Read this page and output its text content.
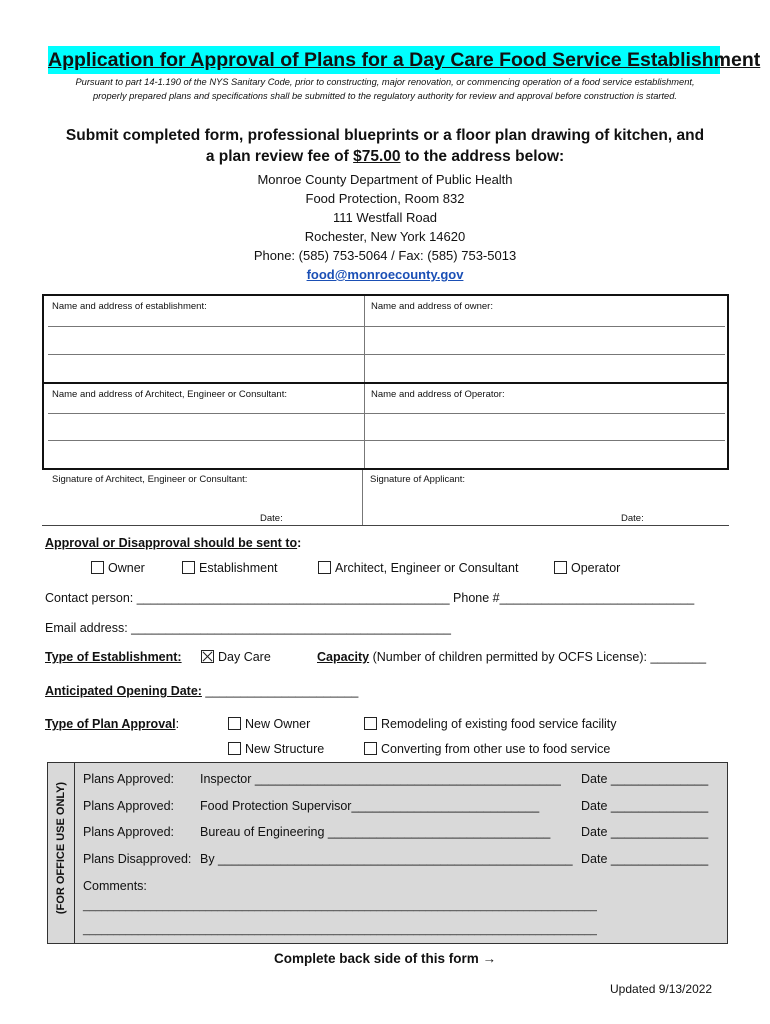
Application for Approval of Plans for a Day Care Food Service Establishment
Pursuant to part 14-1.190 of the NYS Sanitary Code, prior to constructing, major renovation, or commencing operation of a food service establishment, properly prepared plans and specifications shall be submitted to the regulatory authority for review and approval before construction is started.
Submit completed form, professional blueprints or a floor plan drawing of kitchen, and
a plan review fee of $75.00 to the address below:
Monroe County Department of Public Health
Food Protection, Room 832
111 Westfall Road
Rochester, New York 14620
Phone: (585) 753-5064 / Fax: (585) 753-5013
food@monroecounty.gov
Name and address of establishment:	Name and address of owner:
Name and address of Architect, Engineer or Consultant:	Name and address of Operator:
Signature of Architect, Engineer or Consultant:	Signature of Applicant:
Date:	Date:
Approval or Disapproval should be sent to:
Owner	Establishment	Architect, Engineer or Consultant	Operator
Contact person: _____________________________________________ Phone #____________________________
Email address: ______________________________________________
Type of Establishment:	Day Care	Capacity (Number of children permitted by OCFS License): ________
Anticipated Opening Date: ______________________
Type of Plan Approval:	New Owner	Remodeling of existing food service facility
New Structure	Converting from other use to food service
(FOR OFFICE USE ONLY)
Plans Approved: Inspector ____________________________________________ Date ______________
Plans Approved: Food Protection Supervisor___________________________	Date ______________
Plans Approved: Bureau of Engineering ________________________________ Date ______________
Plans Disapproved: By ___________________________________________________ Date ______________
Comments:
____________________________________________________________________________________
____________________________________________________________________________________
Complete back side of this form →
Updated 9/13/2022
